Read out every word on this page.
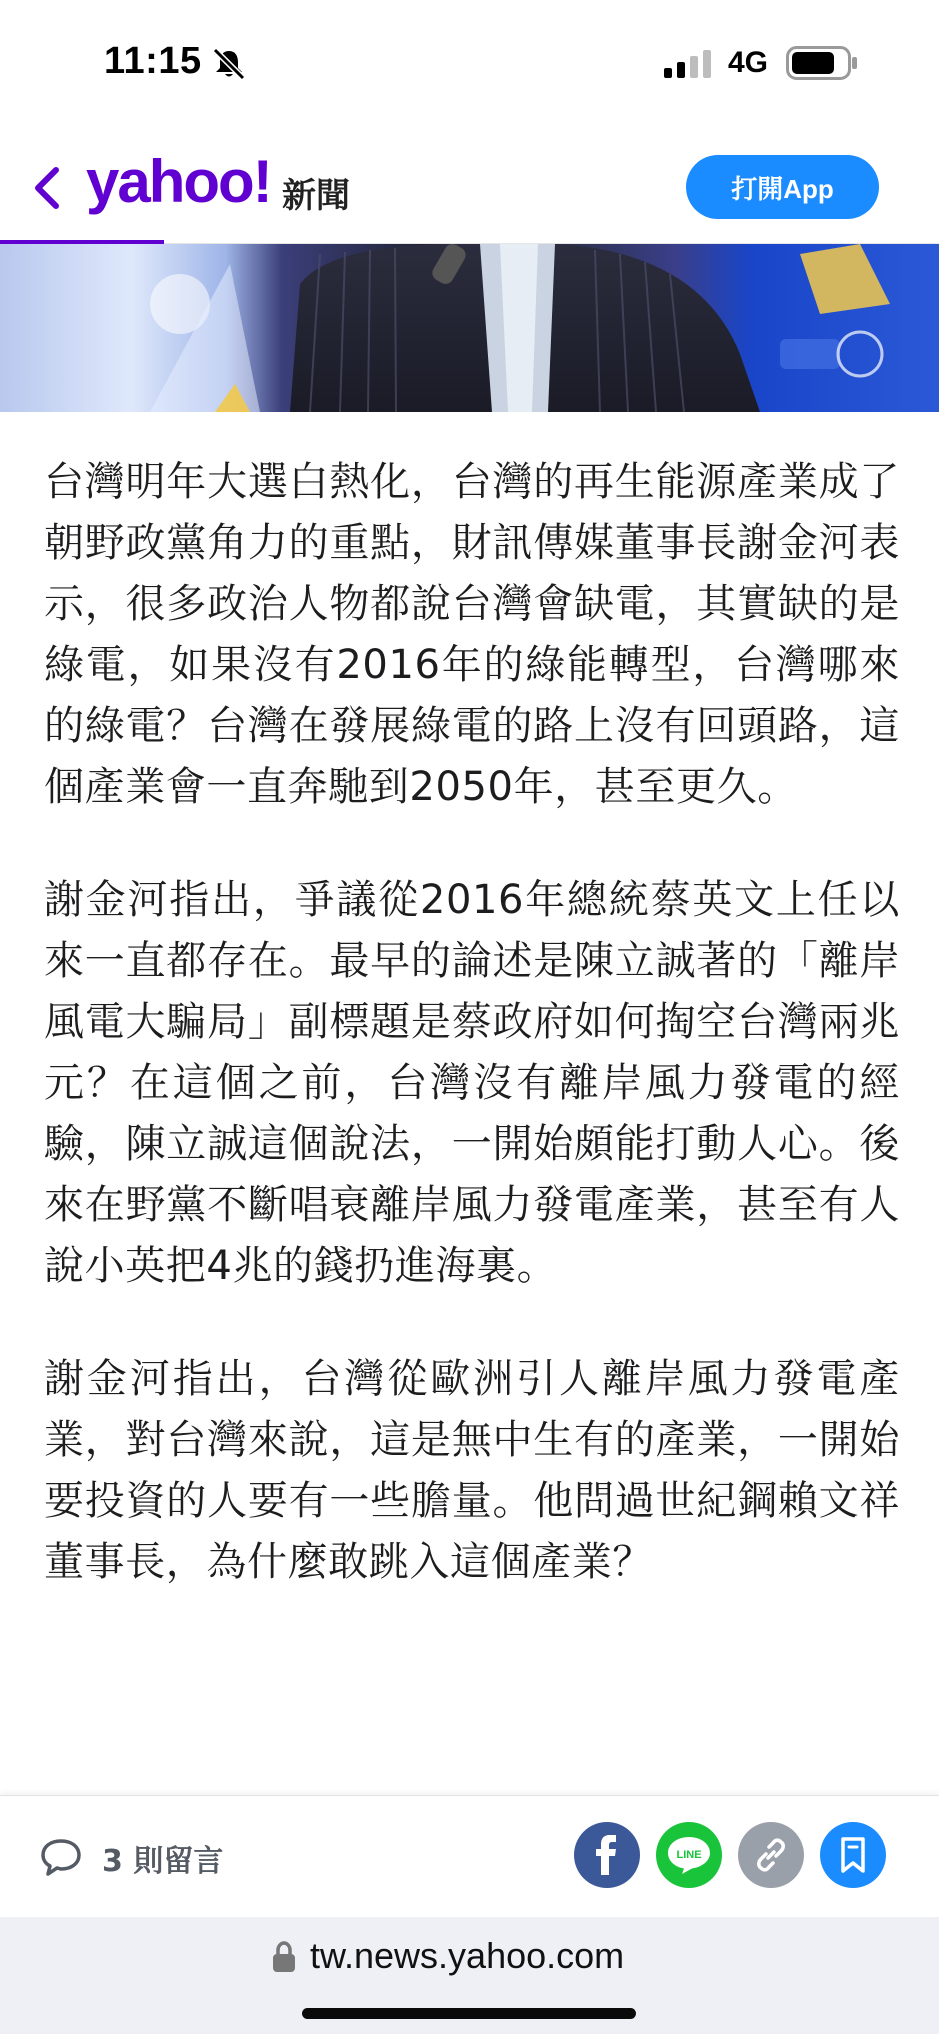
11:15	4G
yahoo! 新聞	打開App

台灣明年大選白熱化，台灣的再生能源產業成了朝野政黨角力的重點，財訊傳媒董事長謝金河表示，很多政治人物都說台灣會缺電，其實缺的是綠電，如果沒有2016年的綠能轉型，台灣哪來的綠電？台灣在發展綠電的路上沒有回頭路，這個產業會一直奔馳到2050年，甚至更久。

謝金河指出，爭議從2016年總統蔡英文上任以來一直都存在。最早的論述是陳立誠著的「離岸風電大騙局」副標題是蔡政府如何掏空台灣兩兆元？在這個之前，台灣沒有離岸風力發電的經驗，陳立誠這個說法，一開始頗能打動人心。後來在野黨不斷唱衰離岸風力發電產業，甚至有人說小英把4兆的錢扔進海裏。

謝金河指出，台灣從歐洲引人離岸風力發電產業，對台灣來說，這是無中生有的產業，一開始要投資的人要有一些膽量。他問過世紀鋼賴文祥董事長，為什麼敢跳入這個產業？

3 則留言	LINE
tw.news.yahoo.com
